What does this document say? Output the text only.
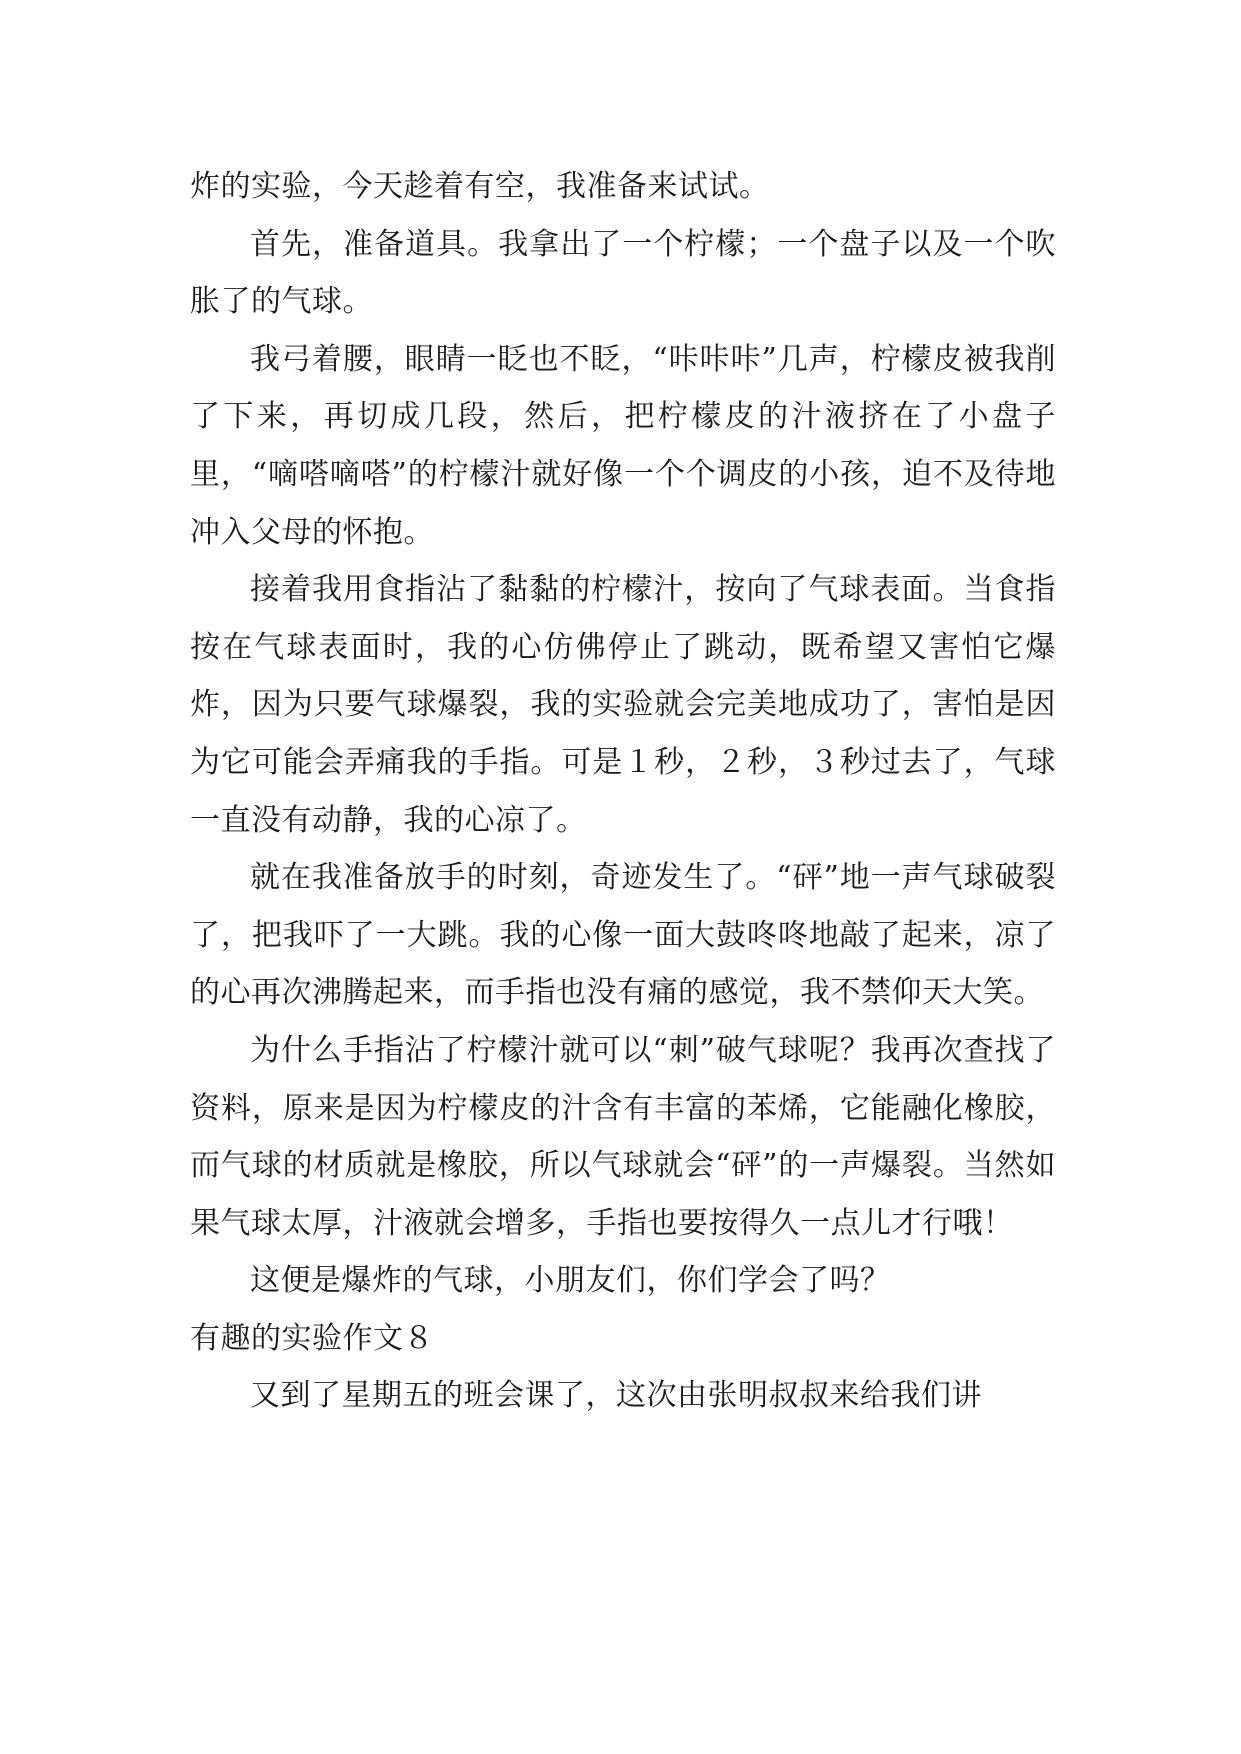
炸的实验，今天趁着有空，我准备来试试。

首先，准备道具。我拿出了一个柠檬；一个盘子以及一个吹胀了的气球。

我弓着腰，眼睛一眨也不眨，“咔咔咔”几声，柠檬皮被我削了下来，再切成几段，然后，把柠檬皮的汁液挤在了小盘子里，“嘀嗒嘀嗒”的柠檬汁就好像一个个调皮的小孩，迫不及待地冲入父母的怀抱。

接着我用食指沾了黏黏的柠檬汁，按向了气球表面。当食指按在气球表面时，我的心仿佛停止了跳动，既希望又害怕它爆炸，因为只要气球爆裂，我的实验就会完美地成功了，害怕是因为它可能会弄痛我的手指。可是１秒，２秒，３秒过去了，气球一直没有动静，我的心凉了。

就在我准备放手的时刻，奇迹发生了。“砰”地一声气球破裂了，把我吓了一大跳。我的心像一面大鼓咚咚地敲了起来，凉了的心再次沸腾起来，而手指也没有痛的感觉，我不禁仰天大笑。

为什么手指沾了柠檬汁就可以“刺”破气球呢？我再次查找了资料，原来是因为柠檬皮的汁含有丰富的苯烯，它能融化橡胶，而气球的材质就是橡胶，所以气球就会“砰”的一声爆裂。当然如果气球太厚，汁液就会增多，手指也要按得久一点儿才行哦！

这便是爆炸的气球，小朋友们，你们学会了吗？

有趣的实验作文８

又到了星期五的班会课了，这次由张明叔叔来给我们讲
